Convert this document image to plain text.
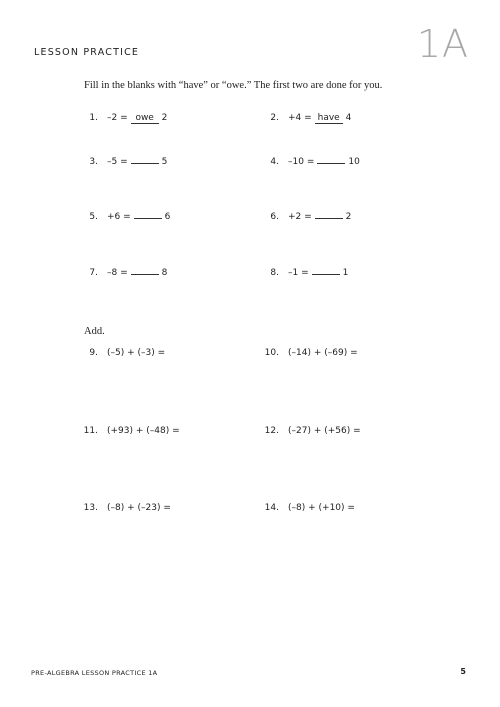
LESSON PRACTICE	1A
Fill in the blanks with “have” or “owe.” The first two are done for you.
1. –2 = owe 2	2. +4 = have 4
3. –5 =	5	4. –10 =	10
5. +6 =	6	6. +2 =	2
7. –8 =	8	8. –1 =	1
Add.
9. (–5) + (–3) =	10. (–14) + (–69) =
11. (+93) + (–48) =	12. (–27) + (+56) =
13. (–8) + (–23) =	14. (–8) + (+10) =
PRE-ALGEBRA LESSON PRACTICE 1A	5
